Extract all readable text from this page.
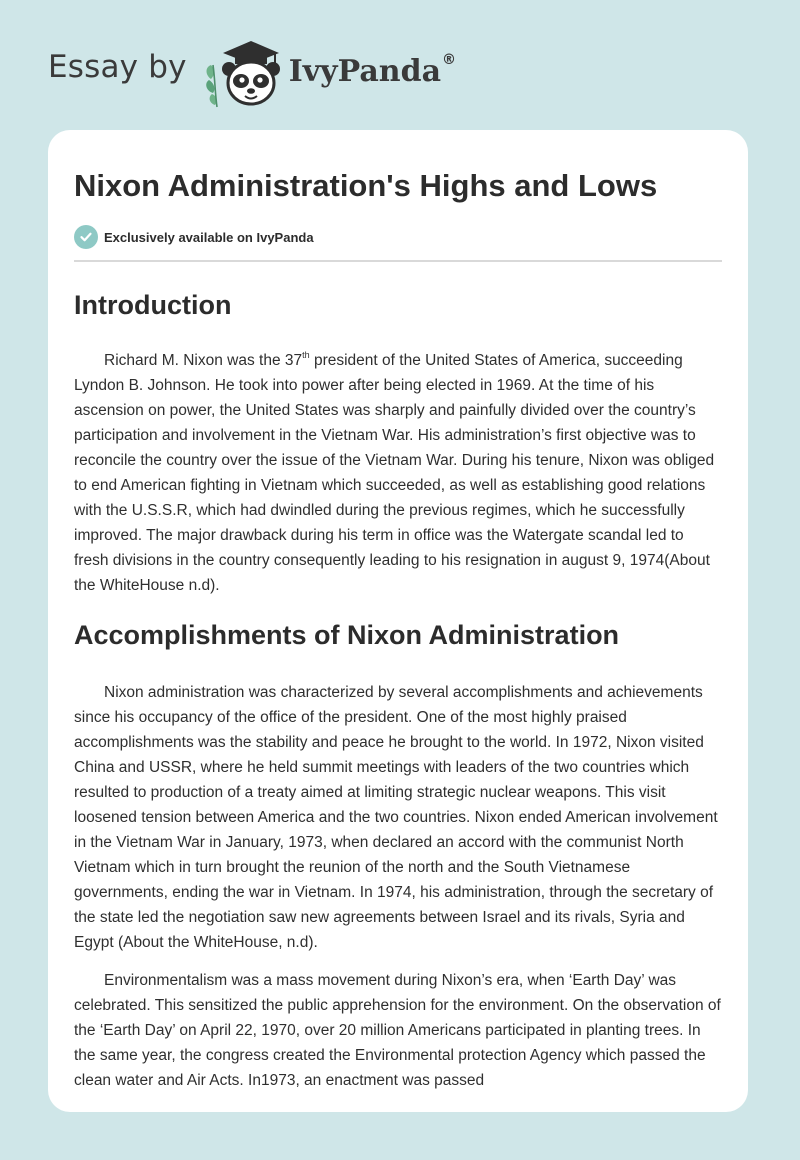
Essay by	IvyPanda®
Nixon Administration's Highs and Lows
Exclusively available on IvyPanda
Introduction

Richard M. Nixon was the 37th president of the United States of America, succeeding Lyndon B. Johnson. He took into power after being elected in 1969. At the time of his ascension on power, the United States was sharply and painfully divided over the country’s participation and involvement in the Vietnam War. His administration’s first objective was to reconcile the country over the issue of the Vietnam War. During his tenure, Nixon was obliged to end American fighting in Vietnam which succeeded, as well as establishing good relations with the U.S.S.R, which had dwindled during the previous regimes, which he successfully improved. The major drawback during his term in office was the Watergate scandal led to fresh divisions in the country consequently leading to his resignation in august 9, 1974(About the WhiteHouse n.d).

Accomplishments of Nixon Administration

Nixon administration was characterized by several accomplishments and achievements since his occupancy of the office of the president. One of the most highly praised accomplishments was the stability and peace he brought to the world. In 1972, Nixon visited China and USSR, where he held summit meetings with leaders of the two countries which resulted to production of a treaty aimed at limiting strategic nuclear weapons. This visit loosened tension between America and the two countries. Nixon ended American involvement in the Vietnam War in January, 1973, when declared an accord with the communist North Vietnam which in turn brought the reunion of the north and the South Vietnamese governments, ending the war in Vietnam. In 1974, his administration, through the secretary of the state led the negotiation saw new agreements between Israel and its rivals, Syria and Egypt (About the WhiteHouse, n.d).

Environmentalism was a mass movement during Nixon’s era, when ‘Earth Day’ was celebrated. This sensitized the public apprehension for the environment. On the observation of the ‘Earth Day’ on April 22, 1970, over 20 million Americans participated in planting trees. In the same year, the congress created the Environmental protection Agency which passed the clean water and Air Acts. In1973, an enactment was passed
